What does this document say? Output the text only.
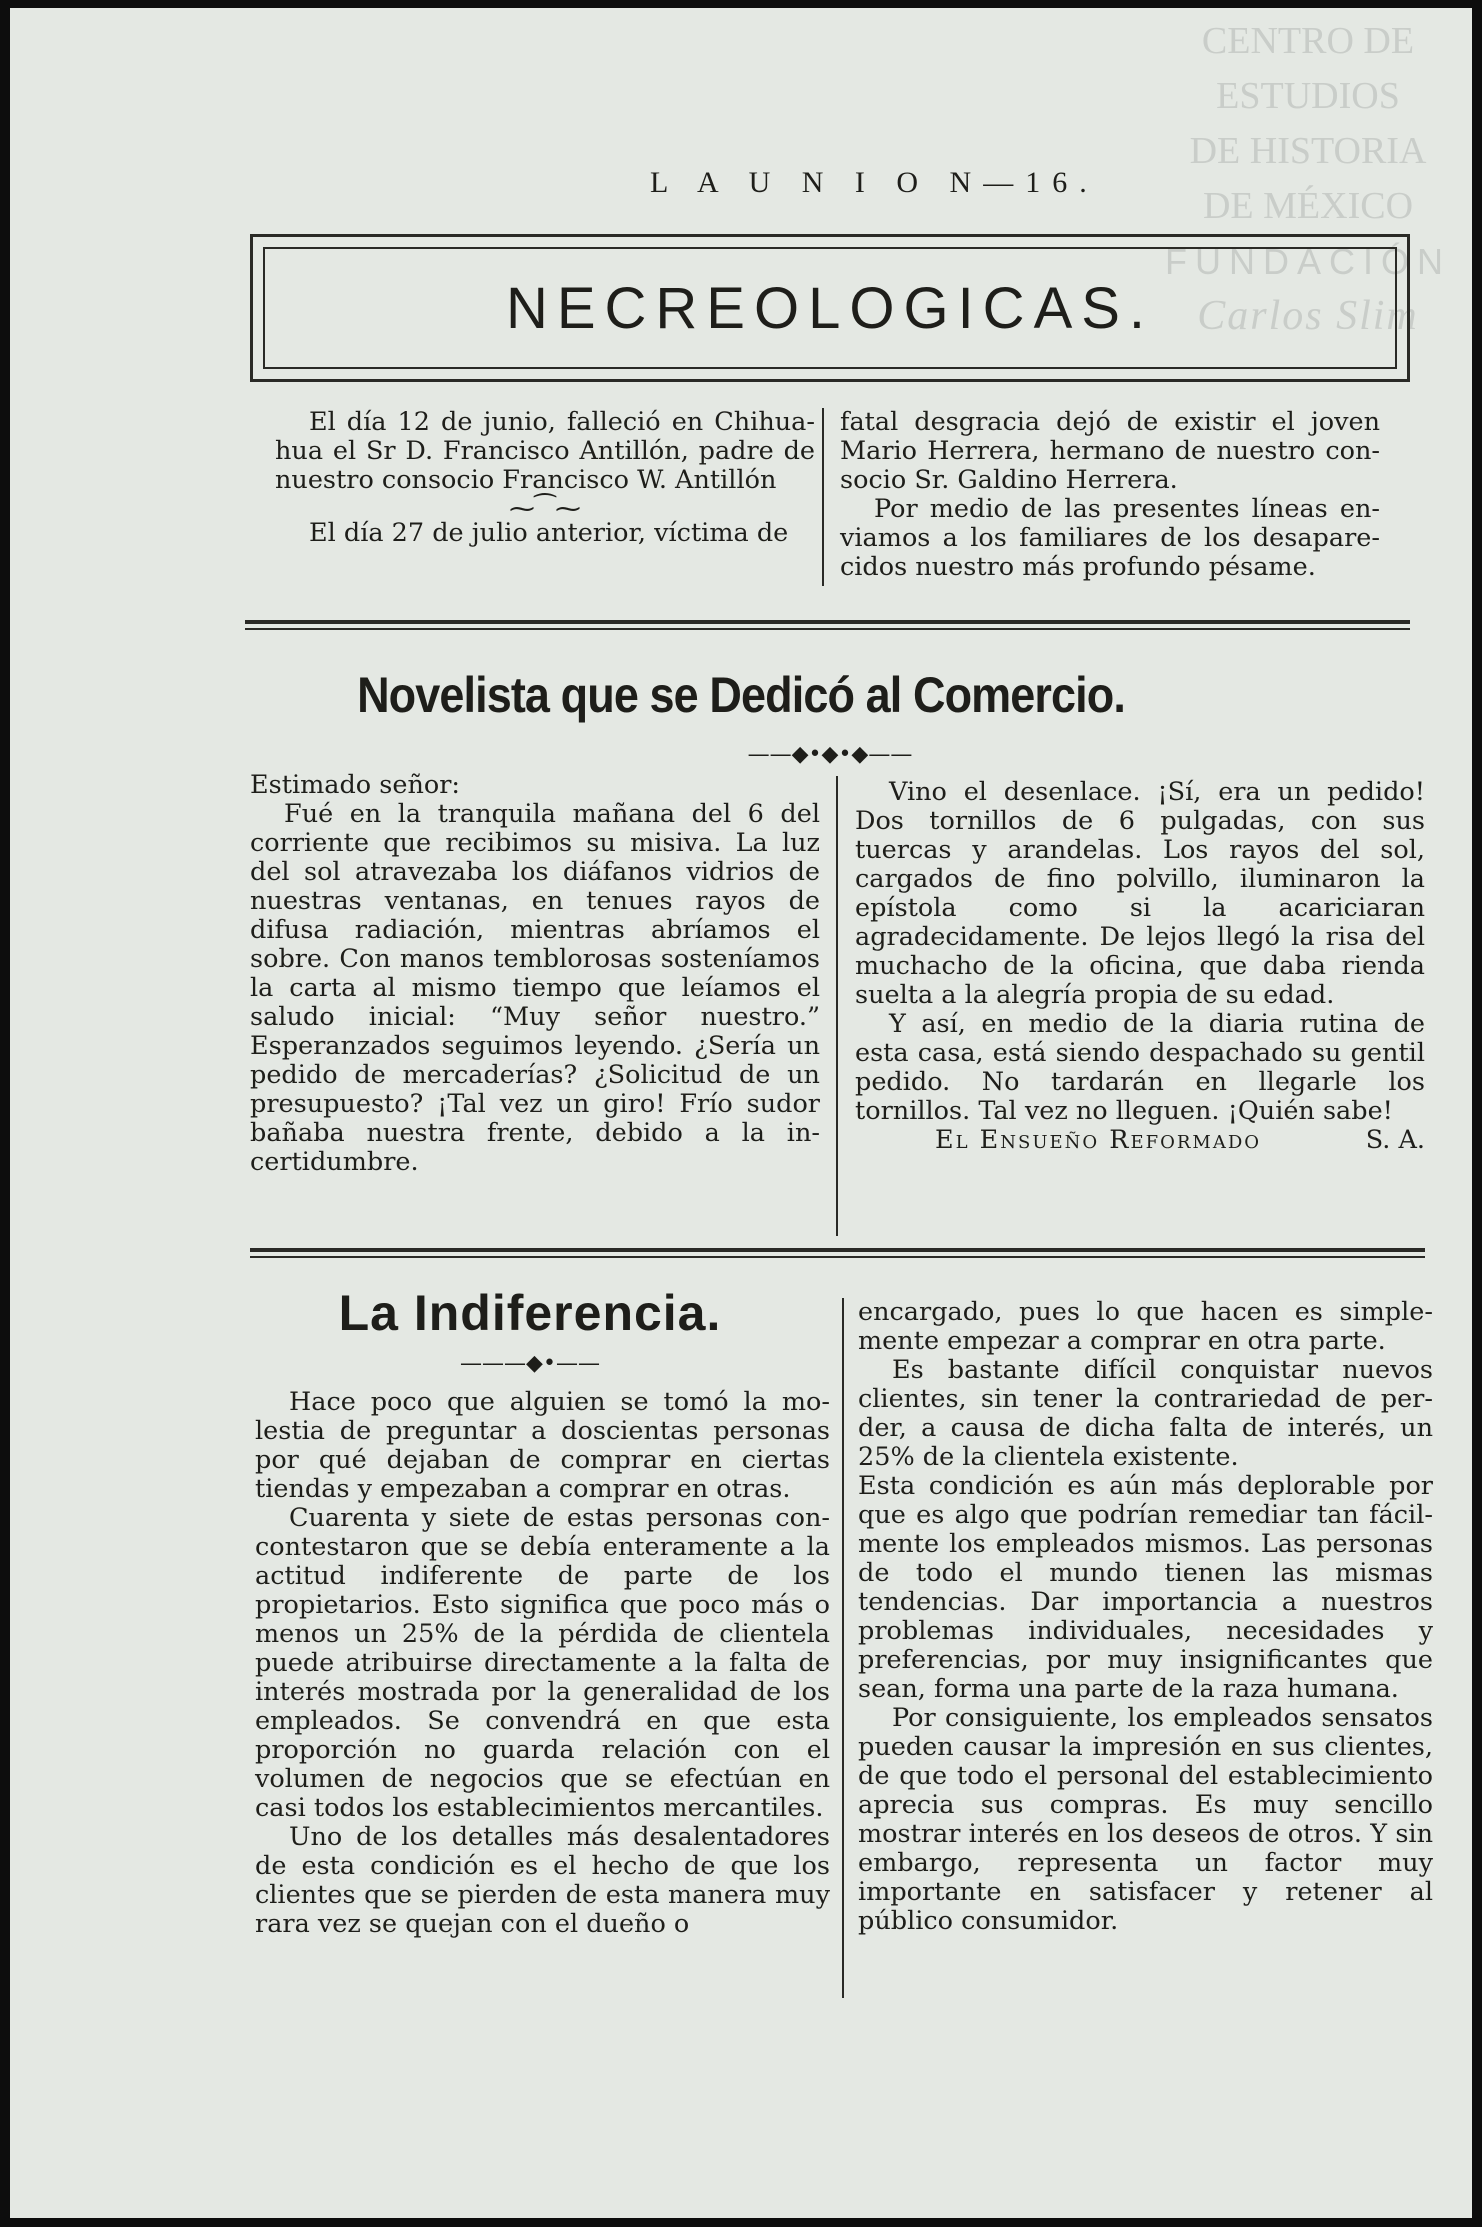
CENTRO DE
ESTUDIOS
DE HISTORIA
DE MÉXICO
FUNDACIÓN
Carlos Slim
L A U N I O N—16.
NECREOLOGICAS.

El día 12 de junio, falleció en Chihuahua el Sr D. Francisco Antillón, padre de nuestro consocio Francisco W. Antillón

⁓⁀⁓

El día 27 de julio anterior, víctima de

fatal desgracia dejó de existir el joven Mario Herrera, hermano de nuestro consocio Sr. Galdino Herrera.

Por medio de las presentes líneas enviamos a los familiares de los desaparecidos nuestro más profundo pésame.

Novelista que se Dedicó al Comercio.
——◆•◆•◆——

Estimado señor:

Fué en la tranquila mañana del 6 del corriente que recibimos su misiva. La luz del sol atravezaba los diáfanos vidrios de nuestras ventanas, en tenues rayos de difusa radiación, mientras abríamos el sobre. Con manos temblorosas sosteníamos la carta al mismo tiempo que leíamos el saludo inicial: “Muy señor nuestro.” Esperanzados seguimos leyendo. ¿Sería un pedido de mercaderías? ¿Solicitud de un presupuesto? ¡Tal vez un giro! Frío sudor bañaba nuestra frente, debido a la incertidumbre.

Vino el desenlace. ¡Sí, era un pedido! Dos tornillos de 6 pulgadas, con sus tuercas y arandelas. Los rayos del sol, cargados de fino polvillo, iluminaron la epístola como si la acariciaran agradecidamente. De lejos llegó la risa del muchacho de la oficina, que daba rienda suelta a la alegría propia de su edad.

Y así, en medio de la diaria rutina de esta casa, está siendo despachado su gentil pedido. No tardarán en llegarle los tornillos. Tal vez no lleguen. ¡Quién sabe!

El Ensueño Reformado	S. A.

La Indiferencia.
———◆•——

Hace poco que alguien se tomó la molestia de preguntar a doscientas personas por qué dejaban de comprar en ciertas tiendas y empezaban a comprar en otras.

Cuarenta y siete de estas personas concontestaron que se debía enteramente a la actitud indiferente de parte de los propietarios. Esto significa que poco más o menos un 25% de la pérdida de clientela puede atribuirse directamente a la falta de interés mostrada por la generalidad de los empleados. Se convendrá en que esta proporción no guarda relación con el volumen de negocios que se efectúan en casi todos los establecimientos mercantiles.

Uno de los detalles más desalentadores de esta condición es el hecho de que los clientes que se pierden de esta manera muy rara vez se quejan con el dueño o

encargado, pues lo que hacen es simplemente empezar a comprar en otra parte.

Es bastante difícil conquistar nuevos clientes, sin tener la contrariedad de perder, a causa de dicha falta de interés, un 25% de la clientela existente.

Esta condición es aún más deplorable por que es algo que podrían remediar tan fácilmente los empleados mismos. Las personas de todo el mundo tienen las mismas tendencias. Dar importancia a nuestros problemas individuales, necesidades y preferencias, por muy insignificantes que sean, forma una parte de la raza humana.

Por consiguiente, los empleados sensatos pueden causar la impresión en sus clientes, de que todo el personal del establecimiento aprecia sus compras. Es muy sencillo mostrar interés en los deseos de otros. Y sin embargo, representa un factor muy importante en satisfacer y retener al público consumidor.
